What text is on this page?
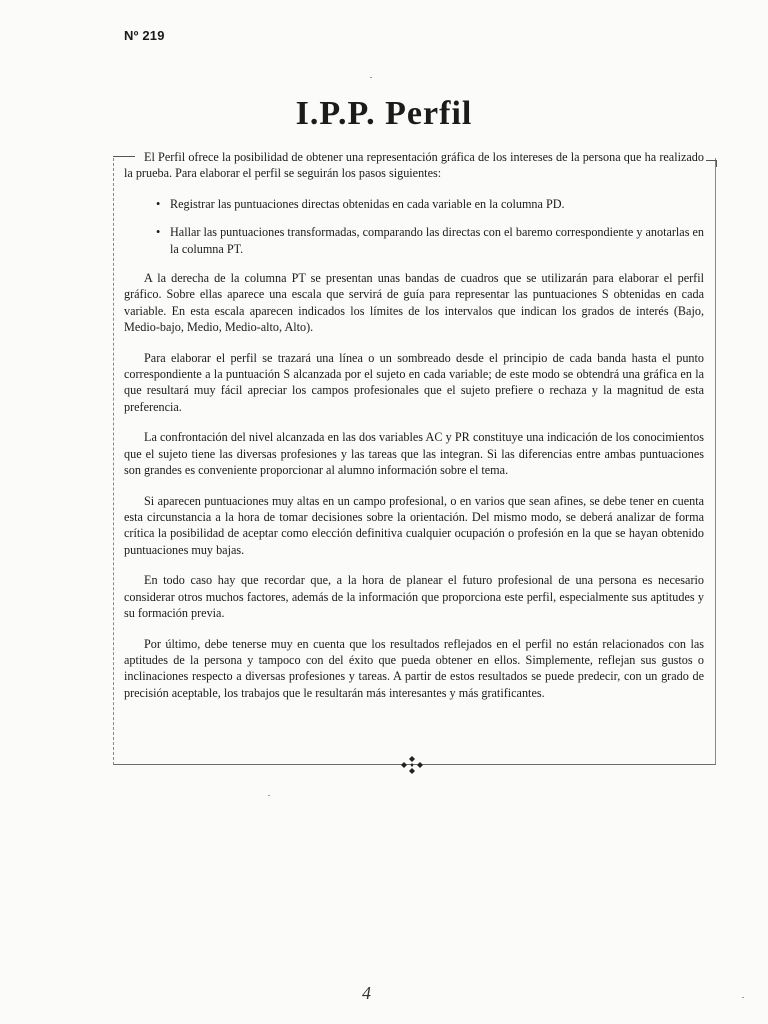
Nº 219
I.P.P. Perfil

El Perfil ofrece la posibilidad de obtener una representación gráfica de los intereses de la persona que ha realizado la prueba. Para elaborar el perfil se seguirán los pasos siguientes:

• Registrar las puntuaciones directas obtenidas en cada variable en la columna PD.
• Hallar las puntuaciones transformadas, comparando las directas con el baremo correspondiente y anotarlas en la columna PT.

A la derecha de la columna PT se presentan unas bandas de cuadros que se utilizarán para elaborar el perfil gráfico. Sobre ellas aparece una escala que servirá de guía para representar las puntuaciones S obtenidas en cada variable. En esta escala aparecen indicados los límites de los intervalos que indican los grados de interés (Bajo, Medio-bajo, Medio, Medio-alto, Alto).

Para elaborar el perfil se trazará una línea o un sombreado desde el principio de cada banda hasta el punto correspondiente a la puntuación S alcanzada por el sujeto en cada variable; de este modo se obtendrá una gráfica en la que resultará muy fácil apreciar los campos profesionales que el sujeto prefiere o rechaza y la magnitud de esta preferencia.

La confrontación del nivel alcanzada en las dos variables AC y PR constituye una indicación de los conocimientos que el sujeto tiene las diversas profesiones y las tareas que las integran. Si las diferencias entre ambas puntuaciones son grandes es conveniente proporcionar al alumno información sobre el tema.

Si aparecen puntuaciones muy altas en un campo profesional, o en varios que sean afines, se debe tener en cuenta esta circunstancia a la hora de tomar decisiones sobre la orientación. Del mismo modo, se deberá analizar de forma crítica la posibilidad de aceptar como elección definitiva cualquier ocupación o profesión en la que se hayan obtenido puntuaciones muy bajas.

En todo caso hay que recordar que, a la hora de planear el futuro profesional de una persona es necesario considerar otros muchos factores, además de la información que proporciona este perfil, especialmente sus aptitudes y su formación previa.

Por último, debe tenerse muy en cuenta que los resultados reflejados en el perfil no están relacionados con las aptitudes de la persona y tampoco con del éxito que pueda obtener en ellos. Simplemente, reflejan sus gustos o inclinaciones respecto a diversas profesiones y tareas. A partir de estos resultados se puede predecir, con un grado de precisión aceptable, los trabajos que le resultarán más interesantes y más gratificantes.

4
